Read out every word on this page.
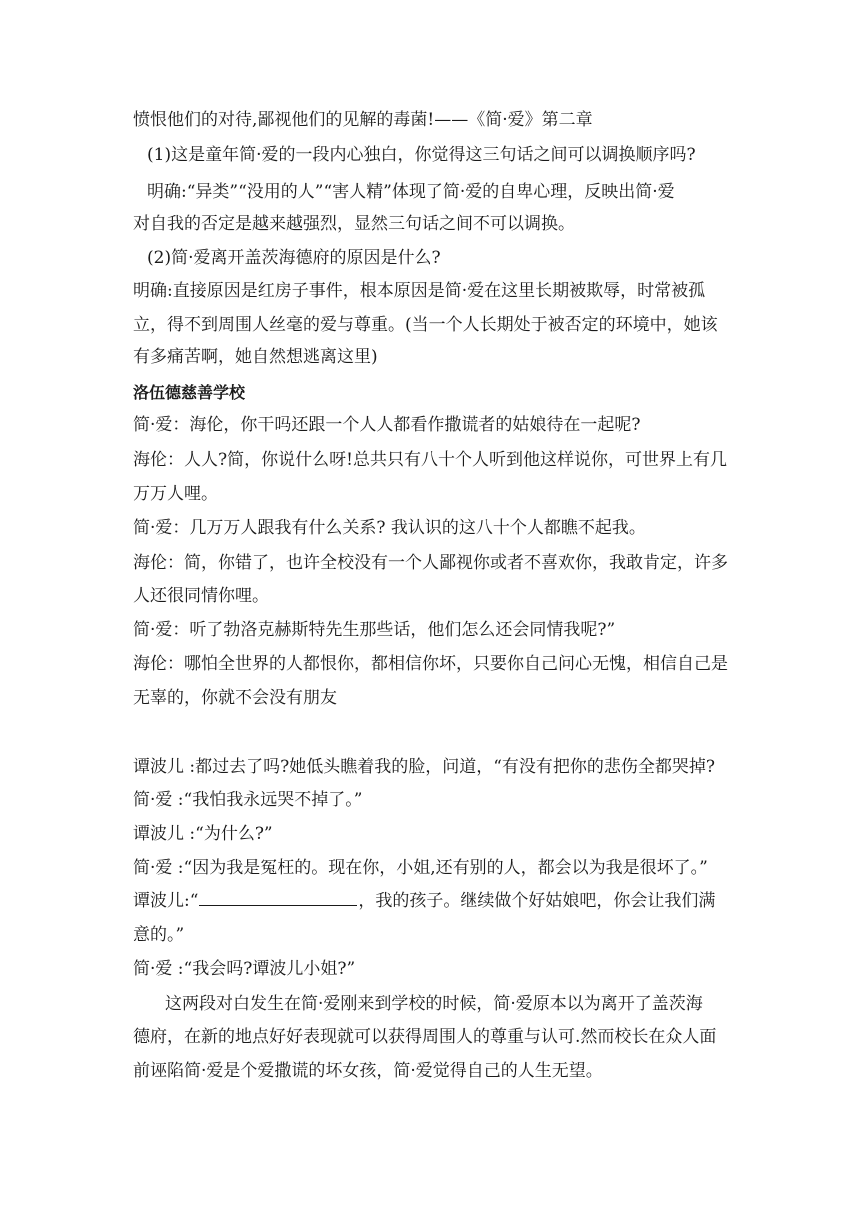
愤恨他们的对待,鄙视他们的见解的毒菌!——《简·爱》第二章
(1)这是童年简·爱的一段内心独白，你觉得这三句话之间可以调换顺序吗?
明确:“异类”“没用的人”“害人精”体现了简·爱的自卑心理，反映出简·爱
对自我的否定是越来越强烈，显然三句话之间不可以调换。
(2)简·爱离开盖茨海德府的原因是什么?
明确:直接原因是红房子事件，根本原因是简·爱在这里长期被欺辱，时常被孤
立，得不到周围人丝毫的爱与尊重。(当一个人长期处于被否定的环境中，她该
有多痛苦啊，她自然想逃离这里)
洛伍德慈善学校
简·爱：海伦，你干吗还跟一个人人都看作撒谎者的姑娘待在一起呢?
海伦：人人?简，你说什么呀!总共只有八十个人听到他这样说你，可世界上有几
万万人哩。
简·爱：几万万人跟我有什么关系? 我认识的这八十个人都瞧不起我。
海伦：简，你错了，也许全校没有一个人鄙视你或者不喜欢你，我敢肯定，许多
人还很同情你哩。
简·爱：听了勃洛克赫斯特先生那些话，他们怎么还会同情我呢?”
海伦：哪怕全世界的人都恨你，都相信你坏，只要你自己问心无愧，相信自己是
无辜的，你就不会没有朋友
谭波儿 :都过去了吗?她低头瞧着我的脸，问道，“有没有把你的悲伤全都哭掉?
简·爱 :“我怕我永远哭不掉了。”
谭波儿 :“为什么?”
简·爱 :“因为我是冤枉的。现在你，小姐,还有别的人，都会以为我是很坏了。”
谭波儿:“	，我的孩子。继续做个好姑娘吧，你会让我们满
意的。”
简·爱 :“我会吗?谭波儿小姐?”
这两段对白发生在简·爱刚来到学校的时候，简·爱原本以为离开了盖茨海
德府，在新的地点好好表现就可以获得周围人的尊重与认可.然而校长在众人面
前诬陷简·爱是个爱撒谎的坏女孩，简·爱觉得自己的人生无望。
